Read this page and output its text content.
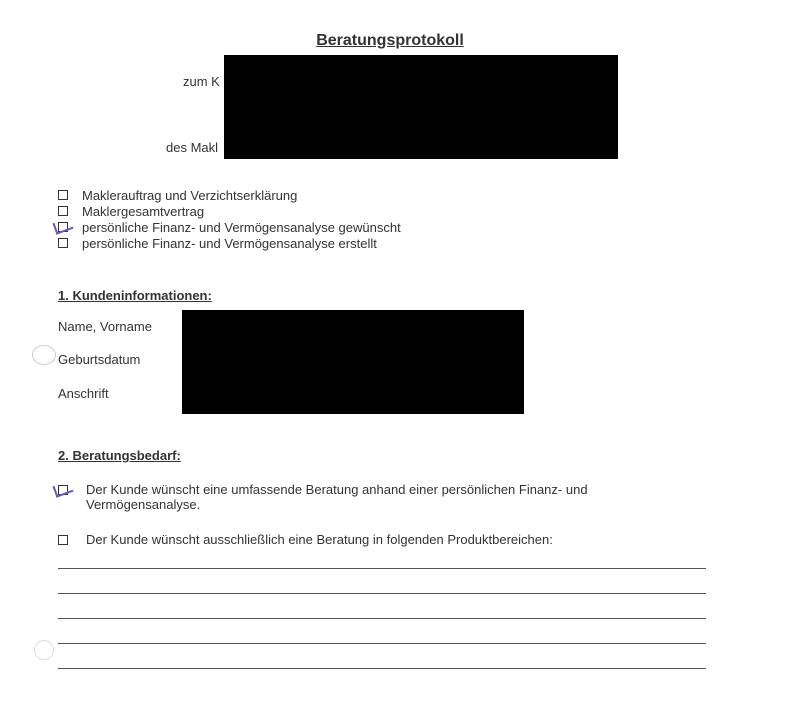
Beratungsprotokoll
zum K
des Makl
Maklerauftrag und Verzichtserklärung
Maklergesamtvertrag
persönliche Finanz- und Vermögensanalyse gewünscht
persönliche Finanz- und Vermögensanalyse erstellt
1. Kundeninformationen:
Name, Vorname
Geburtsdatum
Anschrift
2. Beratungsbedarf:
Der Kunde wünscht eine umfassende Beratung anhand einer persönlichen Finanz- und Vermögensanalyse.
Der Kunde wünscht ausschließlich eine Beratung in folgenden Produktbereichen:
